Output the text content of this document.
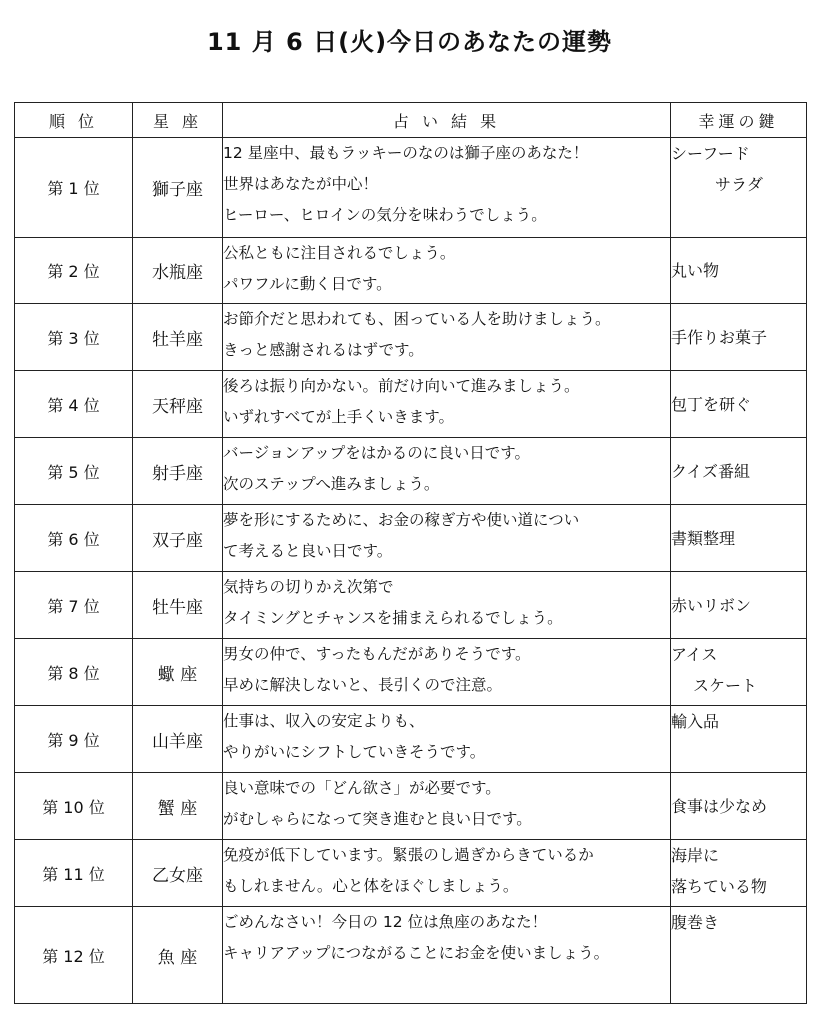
11 月 6 日(火)今日のあなたの運勢
順 位	星 座	占 い 結 果	幸運の鍵
第 1 位	獅子座	12 星座中、最もラッキーのなのは獅子座のあなた！
世界はあなたが中心！
ヒーロー、ヒロインの気分を味わうでしょう。	シーフード
サラダ

第 2 位	水瓶座	公私ともに注目されるでしょう。
パワフルに動く日です。	丸い物

第 3 位	牡羊座	お節介だと思われても、困っている人を助けましょう。
きっと感謝されるはずです。	手作りお菓子

第 4 位	天秤座	後ろは振り向かない。前だけ向いて進みましょう。
いずれすべてが上手くいきます。	包丁を研ぐ

第 5 位	射手座	バージョンアップをはかるのに良い日です。
次のステップへ進みましょう。	クイズ番組

第 6 位	双子座	夢を形にするために、お金の稼ぎ方や使い道につい
て考えると良い日です。	書類整理

第 7 位	牡牛座	気持ちの切りかえ次第で
タイミングとチャンスを捕まえられるでしょう。	赤いリボン

第 8 位	蠍 座	男女の仲で、すったもんだがありそうです。
早めに解決しないと、長引くので注意。	アイス
スケート

第 9 位	山羊座	仕事は、収入の安定よりも、
やりがいにシフトしていきそうです。	輸入品

第 10 位	蟹 座	良い意味での「どん欲さ」が必要です。
がむしゃらになって突き進むと良い日です。	食事は少なめ

第 11 位	乙女座	免疫が低下しています。緊張のし過ぎからきているか
もしれません。心と体をほぐしましょう。	海岸に
落ちている物

第 12 位	魚 座	ごめんなさい！今日の 12 位は魚座のあなた！
キャリアアップにつながることにお金を使いましょう。	腹巻き
